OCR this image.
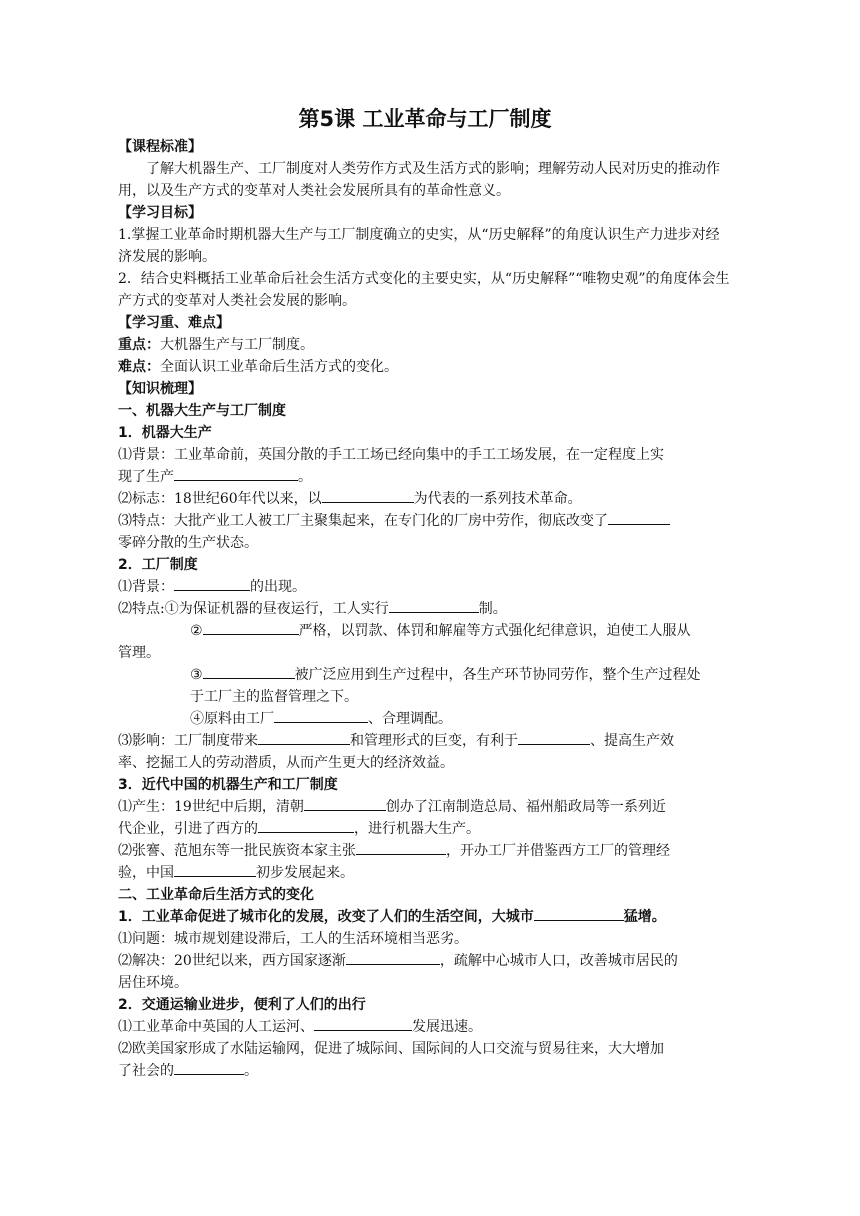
第5课 工业革命与工厂制度
【课程标准】
了解大机器生产、工厂制度对人类劳作方式及生活方式的影响；理解劳动人民对历史的推动作用，以及生产方式的变革对人类社会发展所具有的革命性意义。
【学习目标】
1.掌握工业革命时期机器大生产与工厂制度确立的史实，从“历史解释”的角度认识生产力进步对经济发展的影响。
2．结合史料概括工业革命后社会生活方式变化的主要史实，从“历史解释”“唯物史观”的角度体会生产方式的变革对人类社会发展的影响。
【学习重、难点】
重点：大机器生产与工厂制度。
难点：全面认识工业革命后生活方式的变化。
【知识梳理】
一、机器大生产与工厂制度
1．机器大生产
⑴背景：工业革命前，英国分散的手工工场已经向集中的手工工场发展，在一定程度上实
现了生产	。
⑵标志：18世纪60年代以来，以	为代表的一系列技术革命。
⑶特点：大批产业工人被工厂主聚集起来，在专门化的厂房中劳作，彻底改变了
零碎分散的生产状态。
2．工厂制度
⑴背景：	的出现。
⑵特点:①为保证机器的昼夜运行，工人实行	制。
②	严格，以罚款、体罚和解雇等方式强化纪律意识，迫使工人服从
管理。
③	被广泛应用到生产过程中，各生产环节协同劳作，整个生产过程处
于工厂主的监督管理之下。
④原料由工厂	、合理调配。
⑶影响：工厂制度带来	和管理形式的巨变，有利于	、提高生产效
率、挖掘工人的劳动潜质，从而产生更大的经济效益。
3．近代中国的机器生产和工厂制度
⑴产生：19世纪中后期，清朝	创办了江南制造总局、福州船政局等一系列近
代企业，引进了西方的	，进行机器大生产。
⑵张謇、范旭东等一批民族资本家主张	，开办工厂并借鉴西方工厂的管理经
验，中国	初步发展起来。
二、工业革命后生活方式的变化
1．工业革命促进了城市化的发展，改变了人们的生活空间，大城市	猛增。
⑴问题：城市规划建设滞后，工人的生活环境相当恶劣。
⑵解决：20世纪以来，西方国家逐渐	，疏解中心城市人口，改善城市居民的
居住环境。
2．交通运输业进步，便利了人们的出行
⑴工业革命中英国的人工运河、	发展迅速。
⑵欧美国家形成了水陆运输网，促进了城际间、国际间的人口交流与贸易往来，大大增加
了社会的	。
